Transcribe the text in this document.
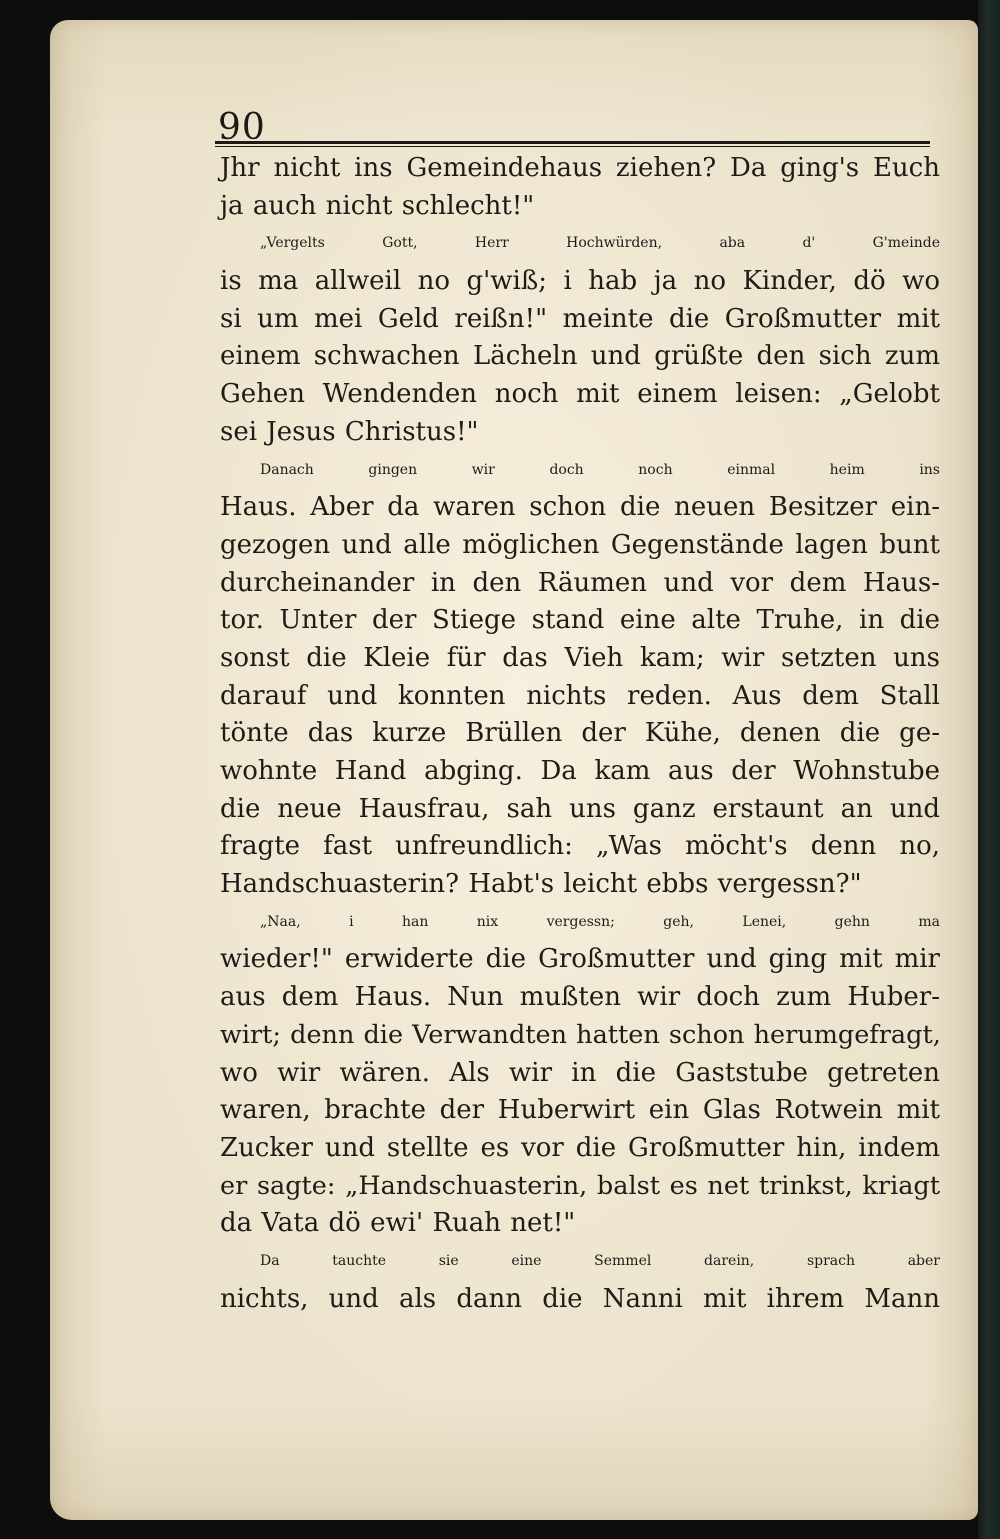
90
Jhr nicht ins Gemeindehaus ziehen? Da ging's Euch
ja auch nicht schlecht!"
„Vergelts Gott, Herr Hochwürden, aba d' G'meinde
is ma allweil no g'wiß; i hab ja no Kinder, dö wo
si um mei Geld reißn!" meinte die Großmutter mit
einem schwachen Lächeln und grüßte den sich zum
Gehen Wendenden noch mit einem leisen: „Gelobt
sei Jesus Christus!"
Danach gingen wir doch noch einmal heim ins
Haus. Aber da waren schon die neuen Besitzer ein-
gezogen und alle möglichen Gegenstände lagen bunt
durcheinander in den Räumen und vor dem Haus-
tor. Unter der Stiege stand eine alte Truhe, in die
sonst die Kleie für das Vieh kam; wir setzten uns
darauf und konnten nichts reden. Aus dem Stall
tönte das kurze Brüllen der Kühe, denen die ge-
wohnte Hand abging. Da kam aus der Wohnstube
die neue Hausfrau, sah uns ganz erstaunt an und
fragte fast unfreundlich: „Was möcht's denn no,
Handschuasterin? Habt's leicht ebbs vergessn?"
„Naa, i han nix vergessn; geh, Lenei, gehn ma
wieder!" erwiderte die Großmutter und ging mit mir
aus dem Haus. Nun mußten wir doch zum Huber-
wirt; denn die Verwandten hatten schon herumgefragt,
wo wir wären. Als wir in die Gaststube getreten
waren, brachte der Huberwirt ein Glas Rotwein mit
Zucker und stellte es vor die Großmutter hin, indem
er sagte: „Handschuasterin, balst es net trinkst, kriagt
da Vata dö ewi' Ruah net!"
Da tauchte sie eine Semmel darein, sprach aber
nichts, und als dann die Nanni mit ihrem Mann
